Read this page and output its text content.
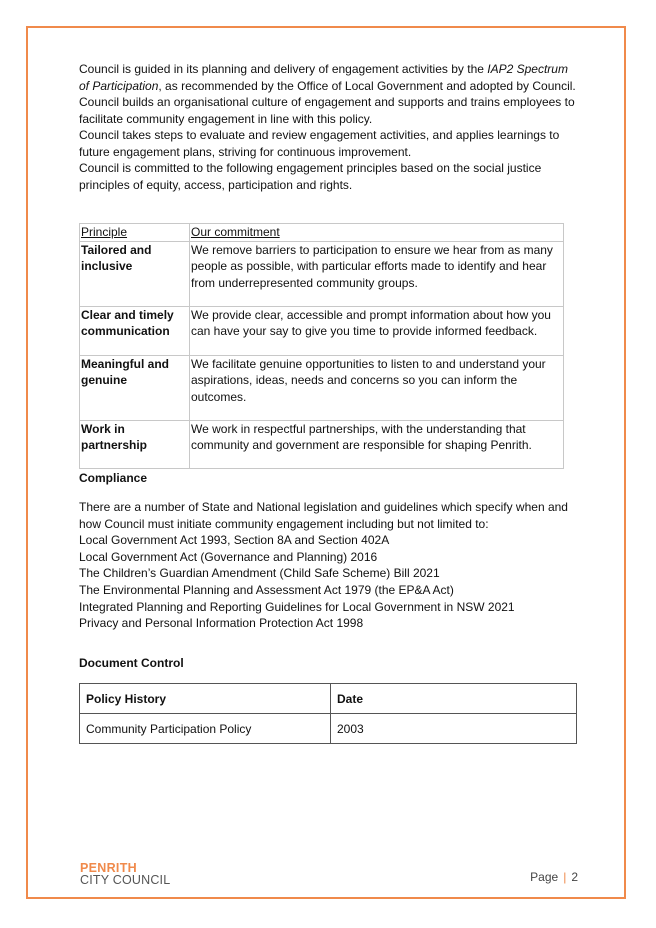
Council is guided in its planning and delivery of engagement activities by the IAP2 Spectrum of Participation, as recommended by the Office of Local Government and adopted by Council.

Council builds an organisational culture of engagement and supports and trains employees to facilitate community engagement in line with this policy.

Council takes steps to evaluate and review engagement activities, and applies learnings to future engagement plans, striving for continuous improvement.

Council is committed to the following engagement principles based on the social justice principles of equity, access, participation and rights.

Principle	Our commitment
Tailored and inclusive	We remove barriers to participation to ensure we hear from as many people as possible, with particular efforts made to identify and hear from underrepresented community groups.
Clear and timely communication	We provide clear, accessible and prompt information about how you can have your say to give you time to provide informed feedback.
Meaningful and genuine	We facilitate genuine opportunities to listen to and understand your aspirations, ideas, needs and concerns so you can inform the outcomes.
Work in partnership	We work in respectful partnerships, with the understanding that community and government are responsible for shaping Penrith.
Compliance

There are a number of State and National legislation and guidelines which specify when and how Council must initiate community engagement including but not limited to:

Local Government Act 1993, Section 8A and Section 402A

Local Government Act (Governance and Planning) 2016

The Children’s Guardian Amendment (Child Safe Scheme) Bill 2021

The Environmental Planning and Assessment Act 1979 (the EP&A Act)

Integrated Planning and Reporting Guidelines for Local Government in NSW 2021

Privacy and Personal Information Protection Act 1998

Document Control
Policy History	Date
Community Participation Policy	2003
PENRITH
CITY COUNCIL	Page | 2
